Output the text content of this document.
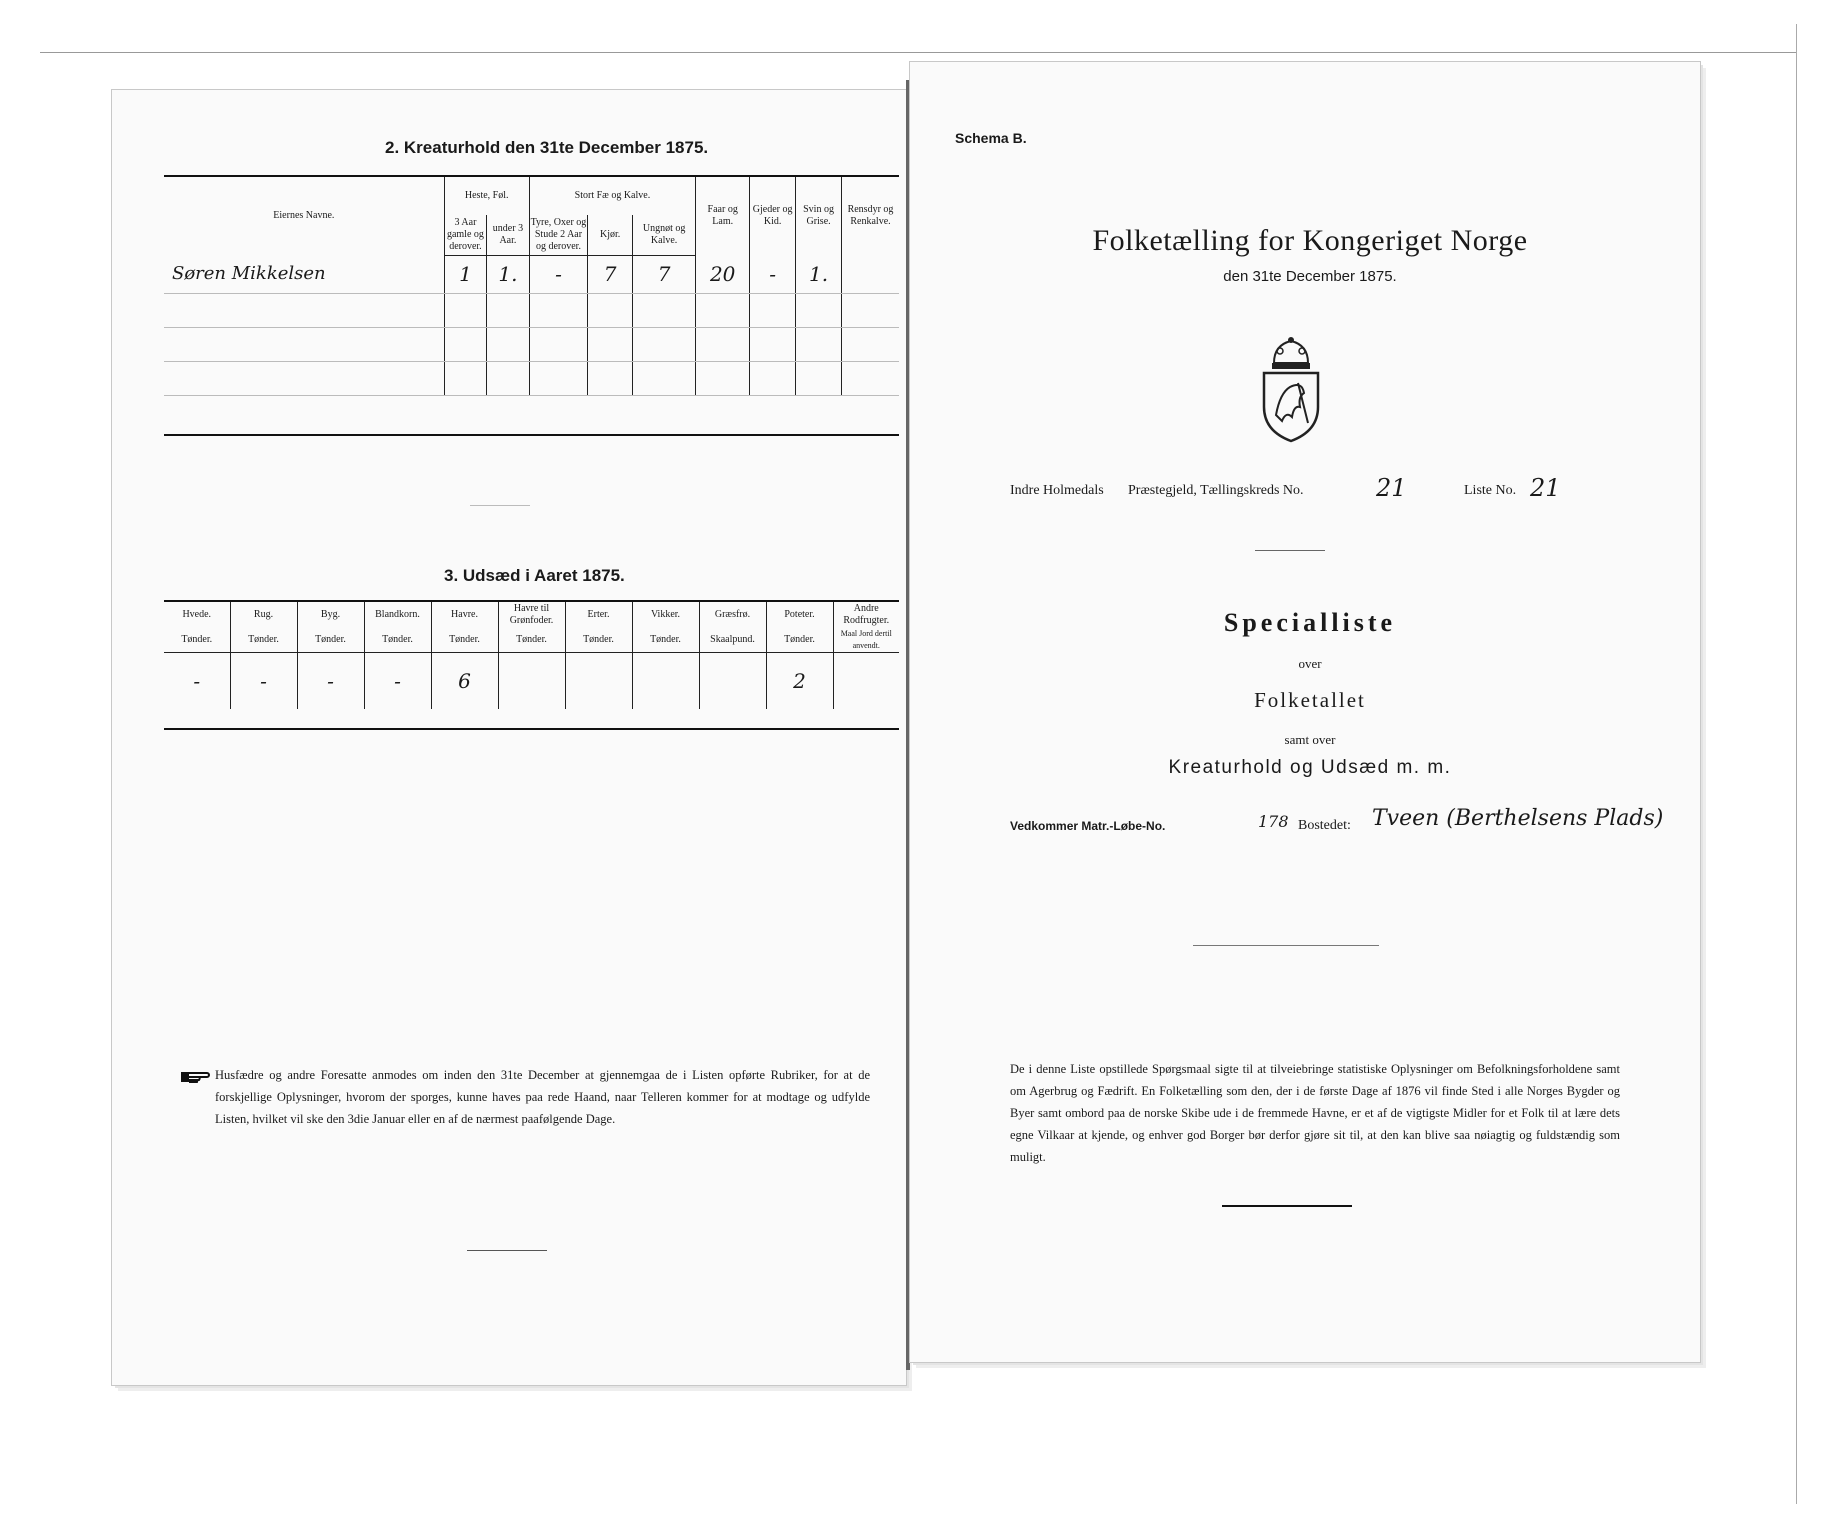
2. Kreaturhold den 31te December 1875.
Eiernes Navne.	Heste, Føl.		Stort Fæ og Kalve.			Faar og Lam.	Gjeder og Kid.	Svin og Grise.	Rensdyr og Renkalve.
	3 Aar gamle og derover.	under 3 Aar.	Tyre, Oxer og Stude 2 Aar og derover.	Kjør.	Ungnøt og Kalve.				
Søren Mikkelsen	1	1.	-	7	7	20	-	1.	

3. Udsæd i Aaret 1875.
Hvede.	Rug.	Byg.	Blandkorn.	Havre.	Havre til Grønfoder.	Erter.	Vikker.	Græsfrø.	Poteter.	Andre Rodfrugter.
Tønder.	Tønder.	Tønder.	Tønder.	Tønder.	Tønder.	Tønder.	Tønder.	Skaalpund.	Tønder.	Maal Jord dertil anvendt.
-	-	-	-	6					2	
Husfædre og andre Foresatte anmodes om inden den 31te December at gjennemgaa de i Listen opførte Rubriker, for at de forskjellige Oplysninger, hvorom der sporges, kunne haves paa rede Haand, naar Telleren kommer for at modtage og udfylde Listen, hvilket vil ske den 3die Januar eller en af de nærmest paafølgende Dage.
Schema B.
Folketælling for Kongeriget Norge
den 31te December 1875.
Indre Holmedals Præstegjeld, Tællingskreds No.	21	Liste No. 21
Specialliste
over
Folketallet
samt over
Kreaturhold og Udsæd m. m.
Vedkommer Matr.-Løbe-No.	178 Bostedet: Tveen (Berthelsens Plads)
De i denne Liste opstillede Spørgsmaal sigte til at tilveiebringe statistiske Oplysninger om Befolkningsforholdene samt om Agerbrug og Fædrift. En Folketælling som den, der i de første Dage af 1876 vil finde Sted i alle Norges Bygder og Byer samt ombord paa de norske Skibe ude i de fremmede Havne, er et af de vigtigste Midler for et Folk til at lære dets egne Vilkaar at kjende, og enhver god Borger bør derfor gjøre sit til, at den kan blive saa nøiagtig og fuldstændig som muligt.
